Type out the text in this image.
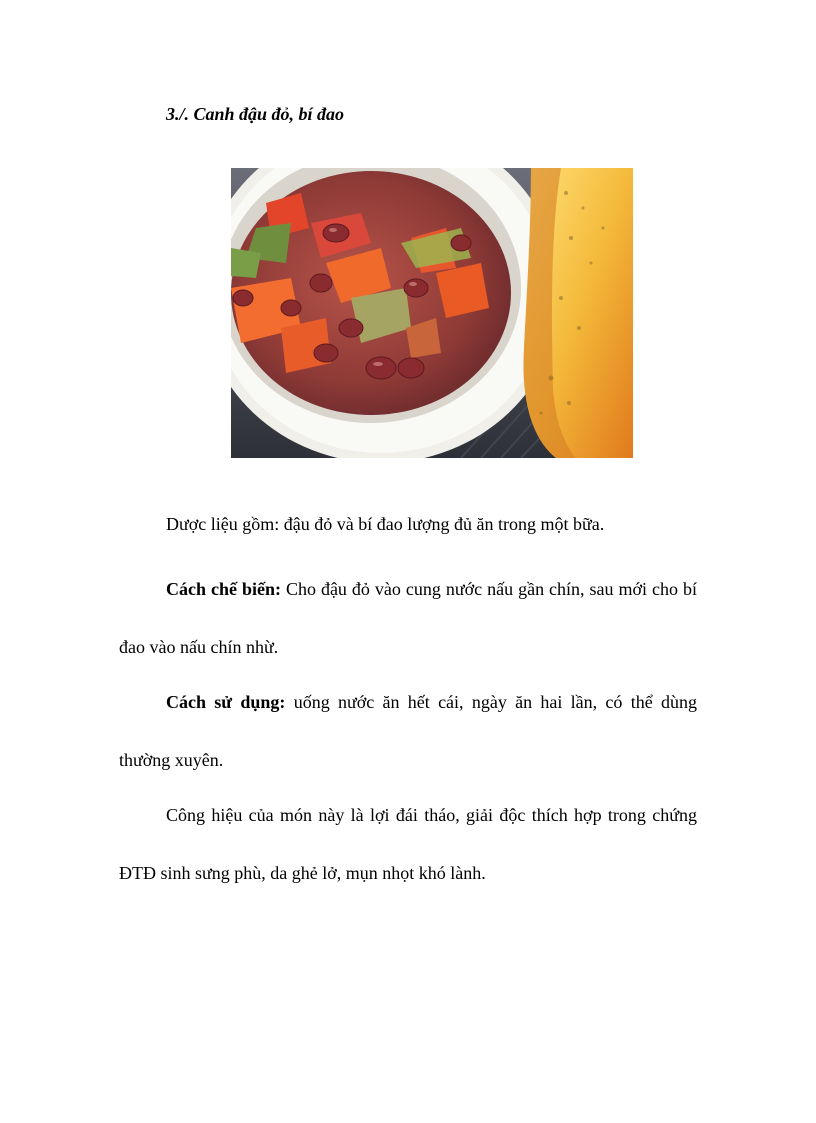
3./. Canh đậu đỏ, bí đao

Dược liệu gồm: đậu đỏ và bí đao lượng đủ ăn trong một bữa.

Cách chế biến: Cho đậu đỏ vào cung nước nấu gần chín, sau mới cho bí đao vào nấu chín nhừ.

Cách sử dụng: uống nước ăn hết cái, ngày ăn hai lần, có thể dùng thường xuyên.

Công hiệu của món này là lợi đái tháo, giải độc thích hợp trong chứng ĐTĐ sinh sưng phù, da ghẻ lở, mụn nhọt khó lành.
